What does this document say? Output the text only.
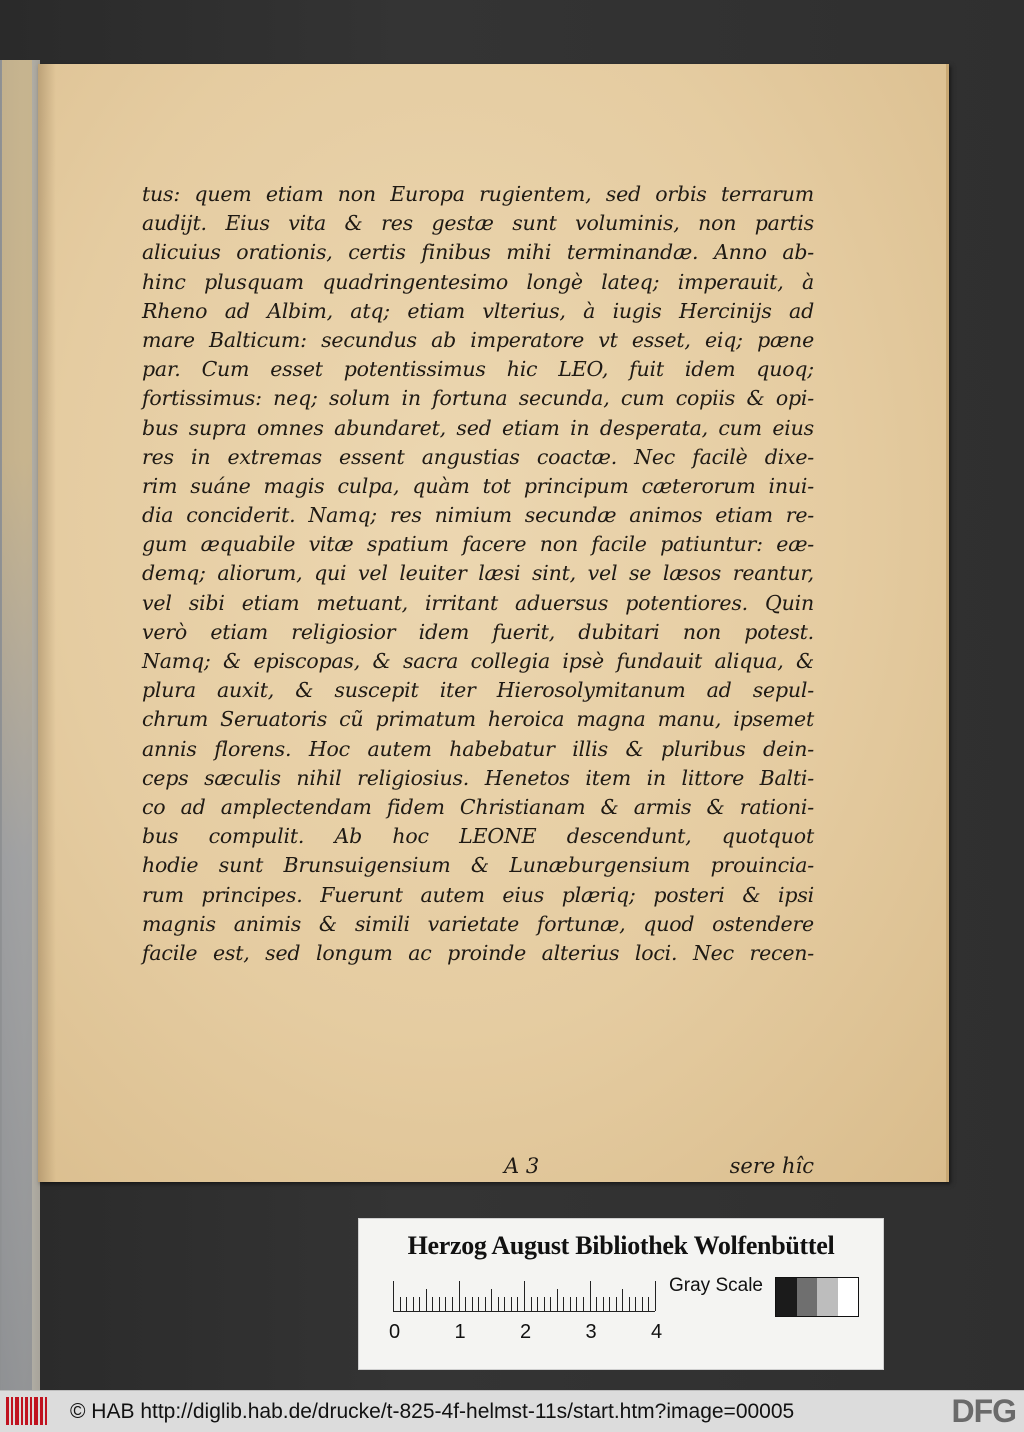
tus: quem etiam non Europa rugientem, sed orbis terrarum
audijt. Eius vita & res gestæ sunt voluminis, non partis
alicuius orationis, certis finibus mihi terminandæ. Anno ab-
hinc plusquam quadringentesimo longè lateq; imperauit, à
Rheno ad Albim, atq; etiam vlterius, à iugis Hercinijs ad
mare Balticum: secundus ab imperatore vt esset, eiq; pæne
par. Cum esset potentissimus hic LEO, fuit idem quoq;
fortissimus: neq; solum in fortuna secunda, cum copiis & opi-
bus supra omnes abundaret, sed etiam in desperata, cum eius
res in extremas essent angustias coactæ. Nec facilè dixe-
rim suáne magis culpa, quàm tot principum cæterorum inui-
dia conciderit. Namq; res nimium secundæ animos etiam re-
gum æquabile vitæ spatium facere non facile patiuntur: eæ-
demq; aliorum, qui vel leuiter læsi sint, vel se læsos reantur,
vel sibi etiam metuant, irritant aduersus potentiores. Quin
verò etiam religiosior idem fuerit, dubitari non potest.
Namq; & episcopas, & sacra collegia ipsè fundauit aliqua, &
plura auxit, & suscepit iter Hierosolymitanum ad sepul-
chrum Seruatoris cũ primatum heroica magna manu, ipsemet
annis florens. Hoc autem habebatur illis & pluribus dein-
ceps sæculis nihil religiosius. Henetos item in littore Balti-
co ad amplectendam fidem Christianam & armis & rationi-
bus compulit. Ab hoc LEONE descendunt, quotquot
hodie sunt Brunsuigensium & Lunæburgensium prouincia-
rum principes. Fuerunt autem eius plæriq; posteri & ipsi
magnis animis & simili varietate fortunæ, quod ostendere
facile est, sed longum ac proinde alterius loci. Nec recen-
A 3	sere hîc
Herzog August Bibliothek Wolfenbüttel
0	1	2	3	4
Gray Scale
© HAB http://diglib.hab.de/drucke/t-825-4f-helmst-11s/start.htm?image=00005	DFG
